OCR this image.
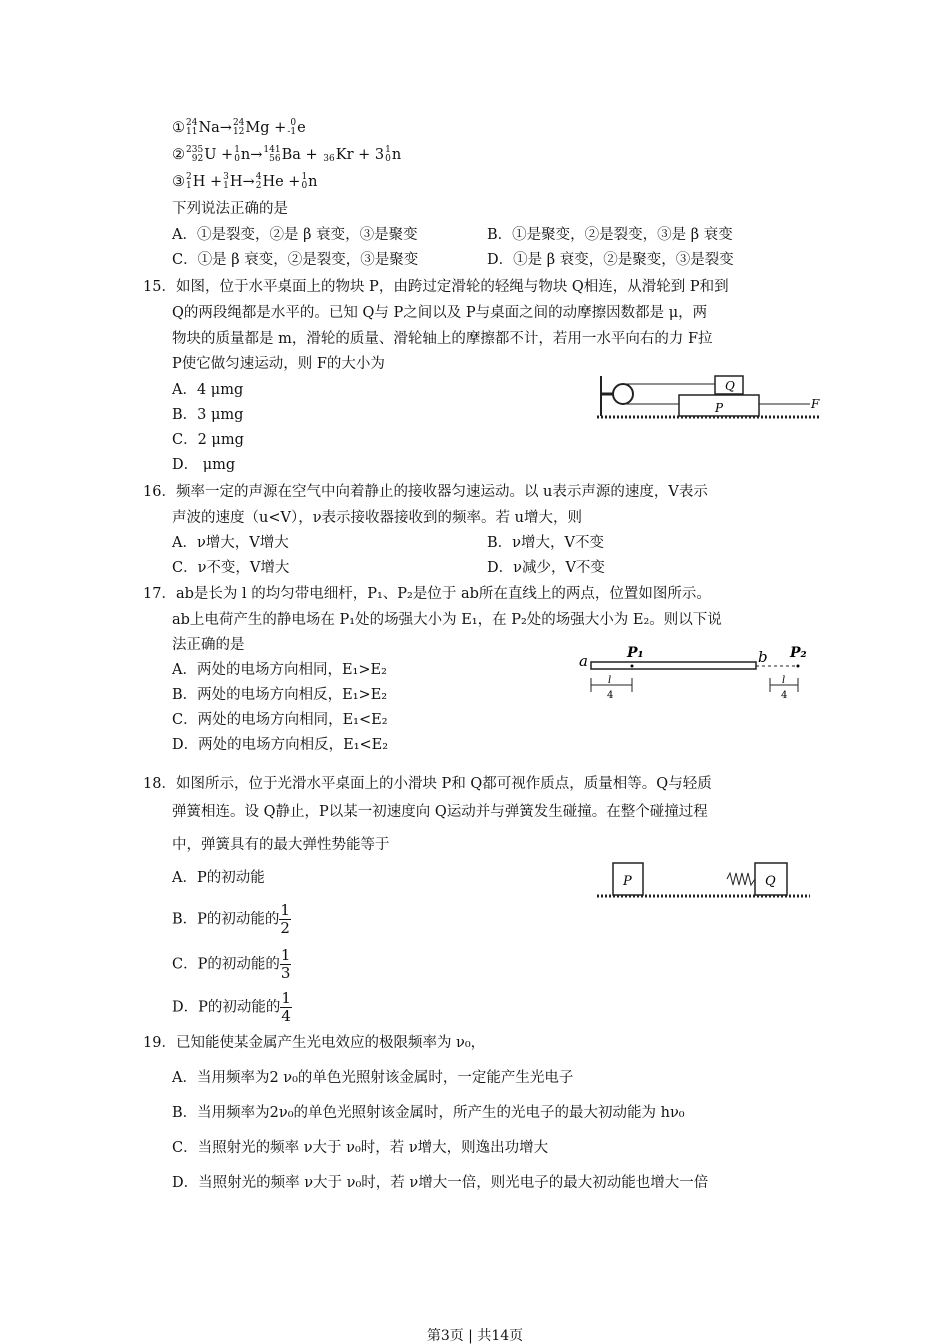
① 24
11 Na→ 24
12 Mg + 0
-1 e
② 235
92 U + 1
0 n→ 141
56 Ba +
36 Kr + 3 1
0 n
③ 2
1 H + 3
1 H→ 4
2 He + 1
0 n
下列说法正确的是
A．①是裂变，②是 β 衰变，③是聚变	B．①是聚变，②是裂变，③是 β 衰变
C．①是 β 衰变，②是裂变，③是聚变	D．①是 β 衰变，②是聚变，③是裂变
15．如图，位于水平桌面上的物块 P，由跨过定滑轮的轻绳与物块 Q相连，从滑轮到 P和到
Q的两段绳都是水平的。已知 Q与 P之间以及 P与桌面之间的动摩擦因数都是 μ，两
物块的质量都是 m，滑轮的质量、滑轮轴上的摩擦都不计，若用一水平向右的力 F拉
P使它做匀速运动，则 F的大小为
A．4 μmg
B．3 μmg
C．2 μmg
D． μmg
Q
P	F
16．频率一定的声源在空气中向着静止的接收器匀速运动。以 u表示声源的速度，V表示
声波的速度（u<V），ν表示接收器接收到的频率。若 u增大，则
A．ν增大，V增大	B．ν增大，V不变
C．ν不变，V增大	D．ν减少，V不变
17．ab是长为 l 的均匀带电细杆，P₁、P₂是位于 ab所在直线上的两点，位置如图所示。
ab上电荷产生的静电场在 P₁处的场强大小为 E₁，在 P₂处的场强大小为 E₂。则以下说
法正确的是
A．两处的电场方向相同，E₁>E₂
B．两处的电场方向相反，E₁>E₂
C．两处的电场方向相同，E₁<E₂
D．两处的电场方向相反，E₁<E₂
a	b
P₁	P₂
l
4
l
4
18．如图所示，位于光滑水平桌面上的小滑块 P和 Q都可视作质点，质量相等。Q与轻质
弹簧相连。设 Q静止，P以某一初速度向 Q运动并与弹簧发生碰撞。在整个碰撞过程
中，弹簧具有的最大弹性势能等于
A．P的初动能
B．P的初动能的 $\frac{1}{2}$
C．P的初动能的 $\frac{1}{3}$
D．P的初动能的 $\frac{1}{4}$
P	Q
19．已知能使某金属产生光电效应的极限频率为 ν₀，
A．当用频率为2 ν₀的单色光照射该金属时，一定能产生光电子
B．当用频率为2ν₀的单色光照射该金属时，所产生的光电子的最大初动能为 hν₀
C．当照射光的频率 ν大于 ν₀时，若 ν增大，则逸出功增大
D．当照射光的频率 ν大于 ν₀时，若 ν增大一倍，则光电子的最大初动能也增大一倍
第3页 | 共14页
